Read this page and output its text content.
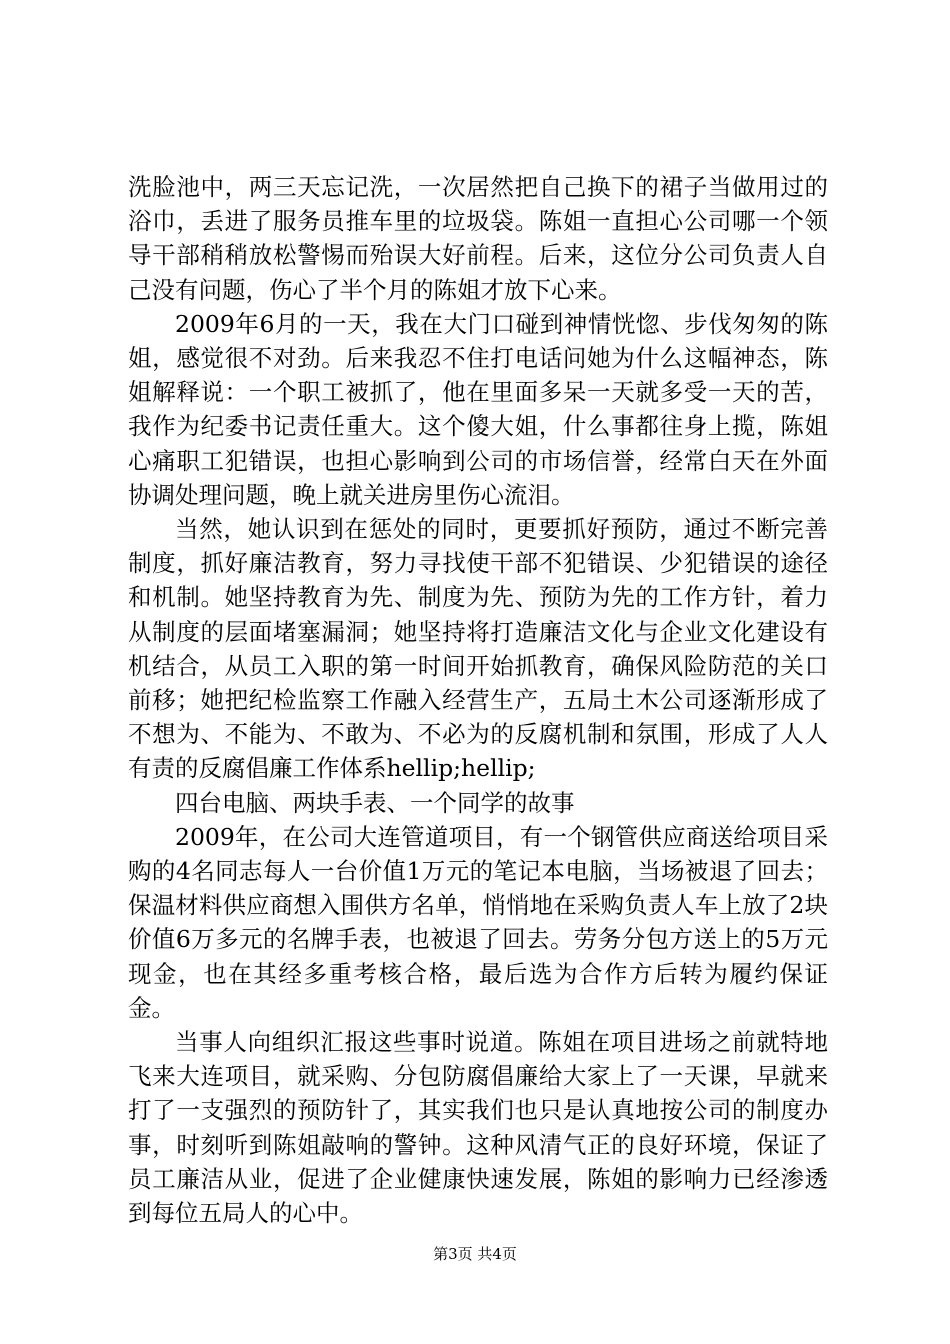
洗脸池中，两三天忘记洗，一次居然把自己换下的裙子当做用过的浴巾，丢进了服务员推车里的垃圾袋。陈姐一直担心公司哪一个领导干部稍稍放松警惕而殆误大好前程。后来，这位分公司负责人自己没有问题，伤心了半个月的陈姐才放下心来。

2009年6月的一天，我在大门口碰到神情恍惚、步伐匆匆的陈姐，感觉很不对劲。后来我忍不住打电话问她为什么这幅神态，陈姐解释说：一个职工被抓了，他在里面多呆一天就多受一天的苦，我作为纪委书记责任重大。这个傻大姐，什么事都往身上揽，陈姐心痛职工犯错误，也担心影响到公司的市场信誉，经常白天在外面协调处理问题，晚上就关进房里伤心流泪。

当然，她认识到在惩处的同时，更要抓好预防，通过不断完善制度，抓好廉洁教育，努力寻找使干部不犯错误、少犯错误的途径和机制。她坚持教育为先、制度为先、预防为先的工作方针，着力从制度的层面堵塞漏洞；她坚持将打造廉洁文化与企业文化建设有机结合，从员工入职的第一时间开始抓教育，确保风险防范的关口前移；她把纪检监察工作融入经营生产，五局土木公司逐渐形成了不想为、不能为、不敢为、不必为的反腐机制和氛围，形成了人人有责的反腐倡廉工作体系hellip;hellip;

四台电脑、两块手表、一个同学的故事

2009年，在公司大连管道项目，有一个钢管供应商送给项目采购的4名同志每人一台价值1万元的笔记本电脑，当场被退了回去；保温材料供应商想入围供方名单，悄悄地在采购负责人车上放了2块价值6万多元的名牌手表，也被退了回去。劳务分包方送上的5万元现金，也在其经多重考核合格，最后选为合作方后转为履约保证金。

当事人向组织汇报这些事时说道。陈姐在项目进场之前就特地飞来大连项目，就采购、分包防腐倡廉给大家上了一天课，早就来打了一支强烈的预防针了，其实我们也只是认真地按公司的制度办事，时刻听到陈姐敲响的警钟。这种风清气正的良好环境，保证了员工廉洁从业，促进了企业健康快速发展，陈姐的影响力已经渗透到每位五局人的心中。

第3页 共4页
